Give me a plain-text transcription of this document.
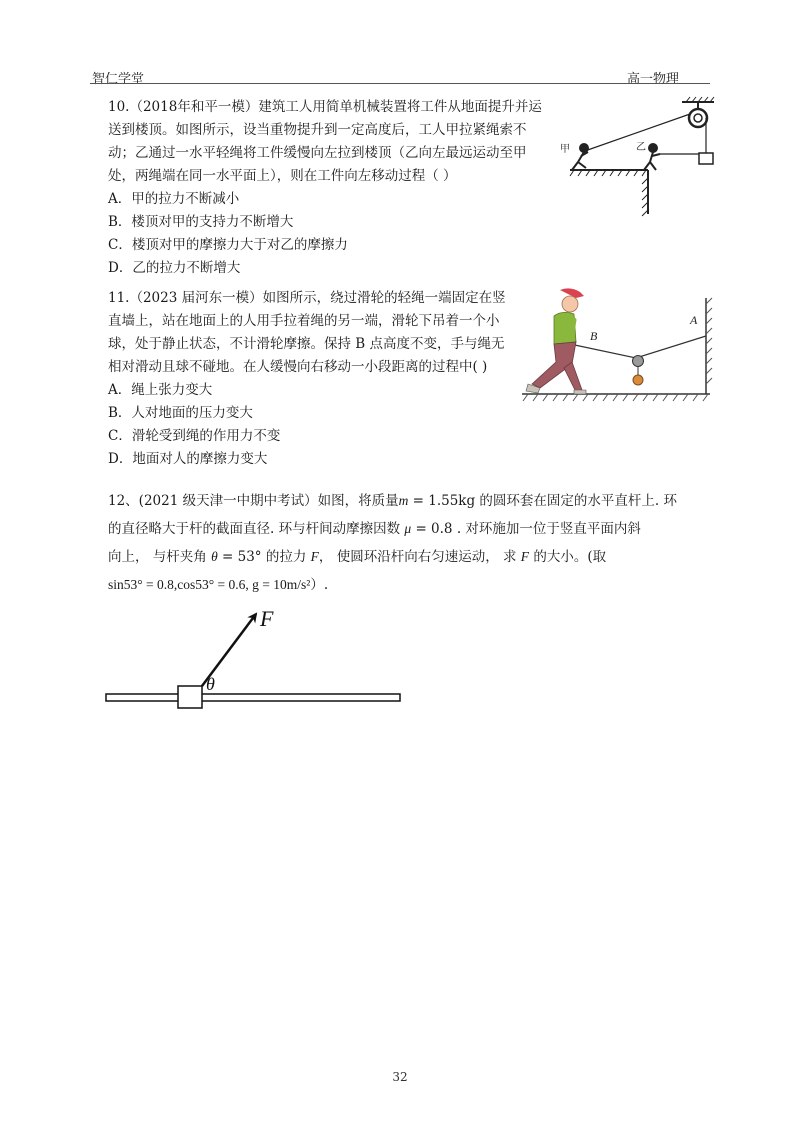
智仁学堂	高一物理
10.（2018年和平一模）建筑工人用简单机械装置将工件从地面提升并运
送到楼顶。如图所示，设当重物提升到一定高度后，工人甲拉紧绳索不
动；乙通过一水平轻绳将工件缓慢向左拉到楼顶（乙向左最远运动至甲
处，两绳端在同一水平面上），则在工件向左移动过程（ ）
A．甲的拉力不断减小
B．楼顶对甲的支持力不断增大
C．楼顶对甲的摩擦力大于对乙的摩擦力
D．乙的拉力不断增大
甲	乙
11.（2023 届河东一模）如图所示，绕过滑轮的轻绳一端固定在竖
直墙上，站在地面上的人用手拉着绳的另一端，滑轮下吊着一个小
球，处于静止状态，不计滑轮摩擦。保持 B 点高度不变，手与绳无
相对滑动且球不碰地。在人缓慢向右移动一小段距离的过程中( )
A．绳上张力变大
B．人对地面的压力变大
C．滑轮受到绳的作用力不变
D．地面对人的摩擦力变大
B
A
12、(2021 级天津一中期中考试）如图，将质量m = 1.55kg 的圆环套在固定的水平直杆上. 环
的直径略大于杆的截面直径. 环与杆间动摩擦因数 μ = 0.8 . 对环施加一位于竖直平面内斜
向上， 与杆夹角 θ = 53° 的拉力 F， 使圆环沿杆向右匀速运动， 求 F 的大小。(取
sin53° = 0.8,cos53° = 0.6, g = 10m/s²）.
F
θ
32
